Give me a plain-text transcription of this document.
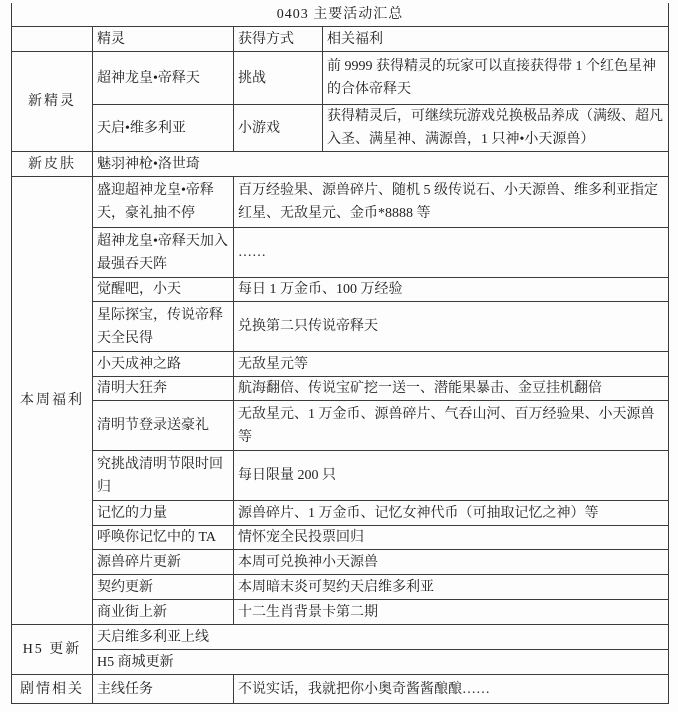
0403 主要活动汇总			
	精灵	获得方式	相关福利
新精灵	超神龙皇•帝释天	挑战	前 9999 获得精灵的玩家可以直接获得带 1 个红色星神的合体帝释天
	天启•维多利亚	小游戏	获得精灵后，可继续玩游戏兑换极品养成（满级、超凡入圣、满星神、满源兽，1 只神•小天源兽）
新皮肤	魅羽神枪•洛世琦		
本周福利	盛迎超神龙皇•帝释天，豪礼抽不停	百万经验果、源兽碎片、随机 5 级传说石、小天源兽、维多利亚指定红星、无敌星元、金币*8888 等	
	超神龙皇•帝释天加入最强吞天阵	……	
	觉醒吧，小天	每日 1 万金币、100 万经验	
	星际探宝，传说帝释天全民得	兑换第二只传说帝释天	
	小天成神之路	无敌星元等	
	清明大狂奔	航海翻倍、传说宝矿挖一送一、潜能果暴击、金豆挂机翻倍	
	清明节登录送豪礼	无敌星元、1 万金币、源兽碎片、气吞山河、百万经验果、小天源兽等	
	究挑战清明节限时回归	每日限量 200 只	
	记忆的力量	源兽碎片、1 万金币、记忆女神代币（可抽取记忆之神）等	
	呼唤你记忆中的 TA	情怀宠全民投票回归	
	源兽碎片更新	本周可兑换神小天源兽	
	契约更新	本周暗末炎可契约天启维多利亚	
	商业街上新	十二生肖背景卡第二期	
H5 更新	天启维多利亚上线		
	H5 商城更新		
剧情相关	主线任务	不说实话，我就把你小奥奇酱酱酿酿……	
